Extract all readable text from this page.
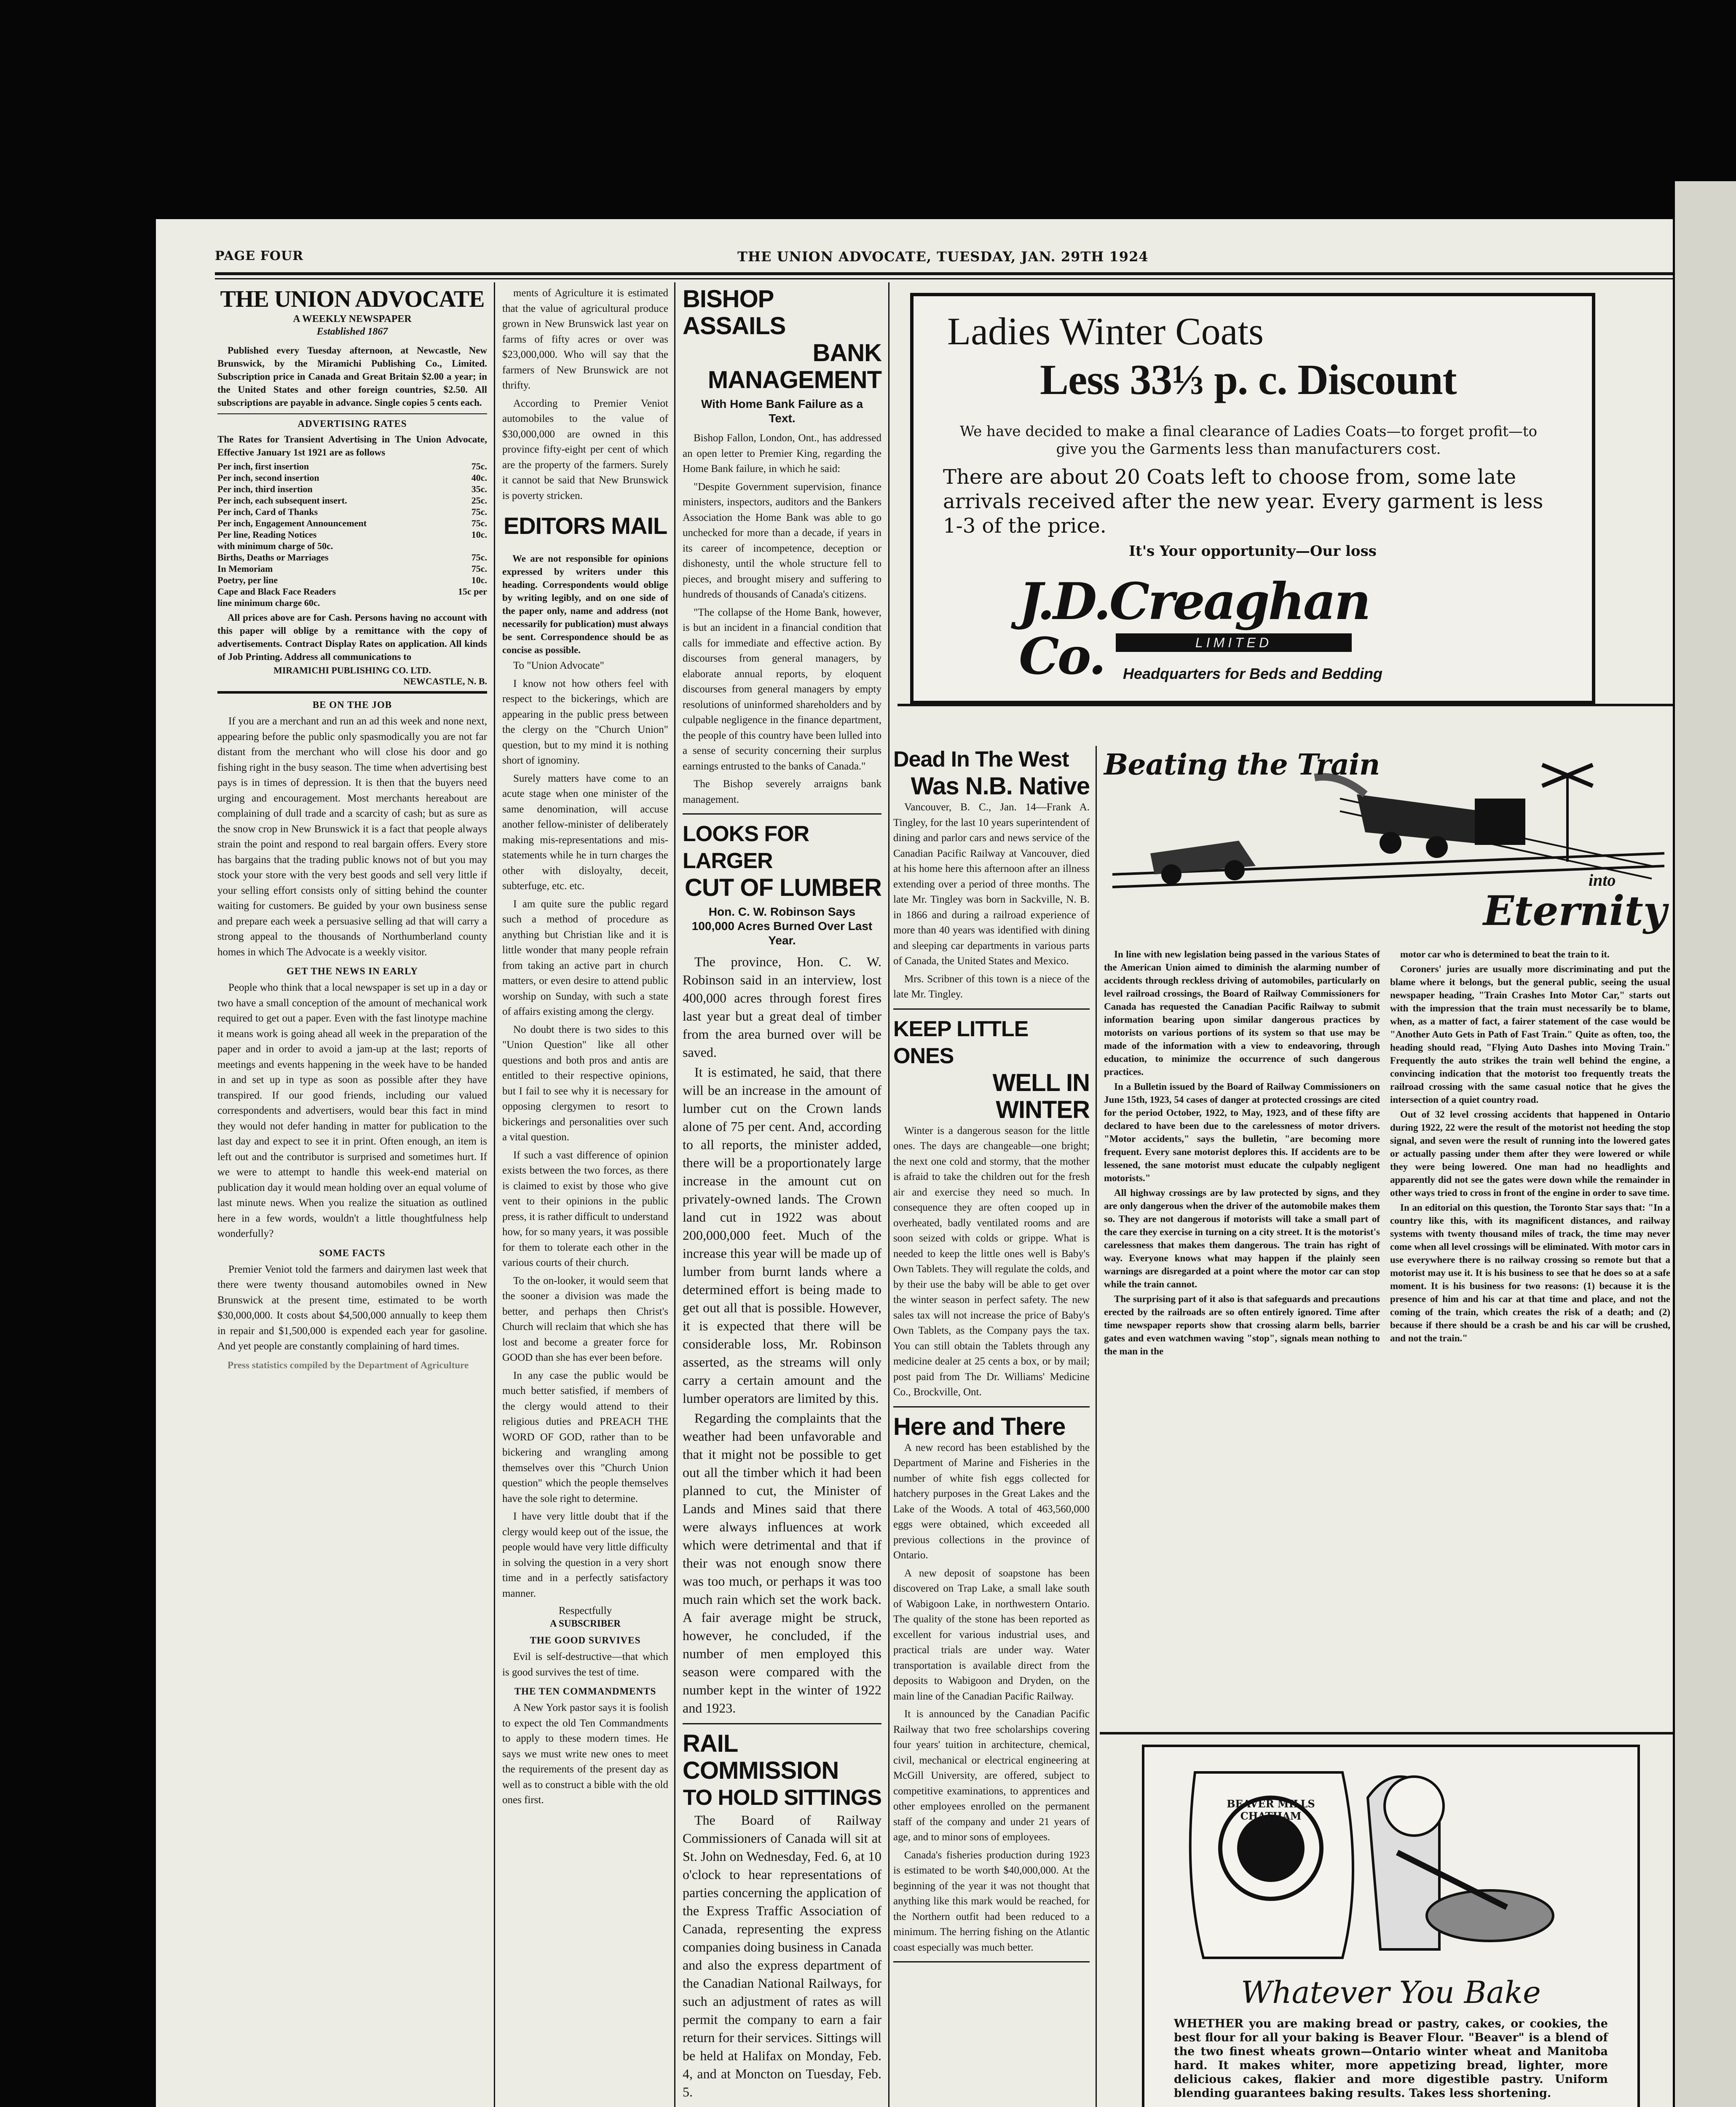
PAGE FOUR	THE UNION ADVOCATE, TUESDAY, JAN. 29TH 1924
THE UNION ADVOCATE
A WEEKLY NEWSPAPER
Established 1867

Published every Tuesday afternoon, at Newcastle, New Brunswick, by the Miramichi Publishing Co., Limited. Subscription price in Canada and Great Britain $2.00 a year; in the United States and other foreign countries, $2.50. All subscriptions are payable in advance. Single copies 5 cents each.

ADVERTISING RATES

The Rates for Transient Advertising in The Union Advocate, Effective January 1st 1921 are as follows

Per inch, first insertion	75c.
Per inch, second insertion	40c.
Per inch, third insertion	35c.
Per inch, each subsequent insert.	25c.
Per inch, Card of Thanks	75c.
Per inch, Engagement Announcement	75c.
Per line, Reading Notices	10c.
with minimum charge of 50c.
Births, Deaths or Marriages	75c.
In Memoriam	75c.
Poetry, per line	10c.
Cape and Black Face Readers	15c per
line minimum charge 60c.

All prices above are for Cash. Persons having no account with this paper will oblige by a remittance with the copy of advertisements. Contract Display Rates on application. All kinds of Job Printing. Address all communications to

MIRAMICHI PUBLISHING CO. LTD.
NEWCASTLE, N. B.
BE ON THE JOB

If you are a merchant and run an ad this week and none next, appearing before the public only spasmodically you are not far distant from the merchant who will close his door and go fishing right in the busy season. The time when advertising best pays is in times of depression. It is then that the buyers need urging and encouragement. Most merchants hereabout are complaining of dull trade and a scarcity of cash; but as sure as the snow crop in New Brunswick it is a fact that people always strain the point and respond to real bargain offers. Every store has bargains that the trading public knows not of but you may stock your store with the very best goods and sell very little if your selling effort consists only of sitting behind the counter waiting for customers. Be guided by your own business sense and prepare each week a persuasive selling ad that will carry a strong appeal to the thousands of Northumberland county homes in which The Advocate is a weekly visitor.

GET THE NEWS IN EARLY

People who think that a local newspaper is set up in a day or two have a small conception of the amount of mechanical work required to get out a paper. Even with the fast linotype machine it means work is going ahead all week in the preparation of the paper and in order to avoid a jam-up at the last; reports of meetings and events happening in the week have to be handed in and set up in type as soon as possible after they have transpired. If our good friends, including our valued correspondents and advertisers, would bear this fact in mind they would not defer handing in matter for publication to the last day and expect to see it in print. Often enough, an item is left out and the contributor is surprised and sometimes hurt. If we were to attempt to handle this week-end material on publication day it would mean holding over an equal volume of last minute news. When you realize the situation as outlined here in a few words, wouldn't a little thoughtfulness help wonderfully?

SOME FACTS

Premier Veniot told the farmers and dairymen last week that there were twenty thousand automobiles owned in New Brunswick at the present time, estimated to be worth $30,000,000. It costs about $4,500,000 annually to keep them in repair and $1,500,000 is expended each year for gasoline. And yet people are constantly complaining of hard times.

Press statistics compiled by the Department of Agriculture

ments of Agriculture it is estimated that the value of agricultural produce grown in New Brunswick last year on farms of fifty acres or over was $23,000,000. Who will say that the farmers of New Brunswick are not thrifty.

According to Premier Veniot automobiles to the value of $30,000,000 are owned in this province fifty-eight per cent of which are the property of the farmers. Surely it cannot be said that New Brunswick is poverty stricken.

EDITORS MAIL

We are not responsible for opinions expressed by writers under this heading. Correspondents would oblige by writing legibly, and on one side of the paper only, name and address (not necessarily for publication) must always be sent. Correspondence should be as concise as possible.

To "Union Advocate"

I know not how others feel with respect to the bickerings, which are appearing in the public press between the clergy on the "Church Union" question, but to my mind it is nothing short of ignominy.

Surely matters have come to an acute stage when one minister of the same denomination, will accuse another fellow-minister of deliberately making mis-representations and mis-statements while he in turn charges the other with disloyalty, deceit, subterfuge, etc. etc.

I am quite sure the public regard such a method of procedure as anything but Christian like and it is little wonder that many people refrain from taking an active part in church matters, or even desire to attend public worship on Sunday, with such a state of affairs existing among the clergy.

No doubt there is two sides to this "Union Question" like all other questions and both pros and antis are entitled to their respective opinions, but I fail to see why it is necessary for opposing clergymen to resort to bickerings and personalities over such a vital question.

If such a vast difference of opinion exists between the two forces, as there is claimed to exist by those who give vent to their opinions in the public press, it is rather difficult to understand how, for so many years, it was possible for them to tolerate each other in the various courts of their church.

To the on-looker, it would seem that the sooner a division was made the better, and perhaps then Christ's Church will reclaim that which she has lost and become a greater force for GOOD than she has ever been before.

In any case the public would be much better satisfied, if members of the clergy would attend to their religious duties and PREACH THE WORD OF GOD, rather than to be bickering and wrangling among themselves over this "Church Union question" which the people themselves have the sole right to determine.

I have very little doubt that if the clergy would keep out of the issue, the people would have very little difficulty in solving the question in a very short time and in a perfectly satisfactory manner.

Respectfully
A SUBSCRIBER
THE GOOD SURVIVES

Evil is self-destructive—that which is good survives the test of time.

THE TEN COMMANDMENTS

A New York pastor says it is foolish to expect the old Ten Commandments to apply to these modern times. He says we must write new ones to meet the requirements of the present day as well as to construct a bible with the old ones first.

BISHOP ASSAILS
BANK MANAGEMENT
With Home Bank Failure as a Text.

Bishop Fallon, London, Ont., has addressed an open letter to Premier King, regarding the Home Bank failure, in which he said:

"Despite Government supervision, finance ministers, inspectors, auditors and the Bankers Association the Home Bank was able to go unchecked for more than a decade, if years in its career of incompetence, deception or dishonesty, until the whole structure fell to pieces, and brought misery and suffering to hundreds of thousands of Canada's citizens.

"The collapse of the Home Bank, however, is but an incident in a financial condition that calls for immediate and effective action. By discourses from general managers, by elaborate annual reports, by eloquent discourses from general managers by empty resolutions of uninformed shareholders and by culpable negligence in the finance department, the people of this country have been lulled into a sense of security concerning their surplus earnings entrusted to the banks of Canada."

The Bishop severely arraigns bank management.

LOOKS FOR LARGER
CUT OF LUMBER
Hon. C. W. Robinson Says 100,000 Acres Burned Over Last Year.

The province, Hon. C. W. Robinson said in an interview, lost 400,000 acres through forest fires last year but a great deal of timber from the area burned over will be saved.

It is estimated, he said, that there will be an increase in the amount of lumber cut on the Crown lands alone of 75 per cent. And, according to all reports, the minister added, there will be a proportionately large increase in the amount cut on privately-owned lands. The Crown land cut in 1922 was about 200,000,000 feet. Much of the increase this year will be made up of lumber from burnt lands where a determined effort is being made to get out all that is possible. However, it is expected that there will be considerable loss, Mr. Robinson asserted, as the streams will only carry a certain amount and the lumber operators are limited by this.

Regarding the complaints that the weather had been unfavorable and that it might not be possible to get out all the timber which it had been planned to cut, the Minister of Lands and Mines said that there were always influences at work which were detrimental and that if their was not enough snow there was too much, or perhaps it was too much rain which set the work back. A fair average might be struck, however, he concluded, if the number of men employed this season were compared with the number kept in the winter of 1922 and 1923.

RAIL COMMISSION
TO HOLD SITTINGS

The Board of Railway Commissioners of Canada will sit at St. John on Wednesday, Fed. 6, at 10 o'clock to hear representations of parties concerning the application of the Express Traffic Association of Canada, representing the express companies doing business in Canada and also the express department of the Canadian National Railways, for such an adjustment of rates as will permit the company to earn a fair return for their services. Sittings will be held at Halifax on Monday, Feb. 4, and at Moncton on Tuesday, Feb. 5.

Ladies Winter Coats
Less 33⅓ p. c. Discount
We have decided to make a final clearance of Ladies Coats—to forget profit—to give you the Garments less than manufacturers cost.
There are about 20 Coats left to choose from, some late arrivals received after the new year. Every garment is less 1-3 of the price.
It's Your opportunity—Our loss
J.D.Creaghan Co.	LIMITED
Headquarters for Beds and Bedding
Dead In The West
Was N.B. Native

Vancouver, B. C., Jan. 14—Frank A. Tingley, for the last 10 years superintendent of dining and parlor cars and news service of the Canadian Pacific Railway at Vancouver, died at his home here this afternoon after an illness extending over a period of three months. The late Mr. Tingley was born in Sackville, N. B. in 1866 and during a railroad experience of more than 40 years was identified with dining and sleeping car departments in various parts of Canada, the United States and Mexico.

Mrs. Scribner of this town is a niece of the late Mr. Tingley.

KEEP LITTLE ONES
WELL IN WINTER

Winter is a dangerous season for the little ones. The days are changeable—one bright; the next one cold and stormy, that the mother is afraid to take the children out for the fresh air and exercise they need so much. In consequence they are often cooped up in overheated, badly ventilated rooms and are soon seized with colds or grippe. What is needed to keep the little ones well is Baby's Own Tablets. They will regulate the colds, and by their use the baby will be able to get over the winter season in perfect safety. The new sales tax will not increase the price of Baby's Own Tablets, as the Company pays the tax. You can still obtain the Tablets through any medicine dealer at 25 cents a box, or by mail; post paid from The Dr. Williams' Medicine Co., Brockville, Ont.

Here and There

A new record has been established by the Department of Marine and Fisheries in the number of white fish eggs collected for hatchery purposes in the Great Lakes and the Lake of the Woods. A total of 463,560,000 eggs were obtained, which exceeded all previous collections in the province of Ontario.

A new deposit of soapstone has been discovered on Trap Lake, a small lake south of Wabigoon Lake, in northwestern Ontario. The quality of the stone has been reported as excellent for various industrial uses, and practical trials are under way. Water transportation is available direct from the deposits to Wabigoon and Dryden, on the main line of the Canadian Pacific Railway.

It is announced by the Canadian Pacific Railway that two free scholarships covering four years' tuition in architecture, chemical, civil, mechanical or electrical engineering at McGill University, are offered, subject to competitive examinations, to apprentices and other employees enrolled on the permanent staff of the company and under 21 years of age, and to minor sons of employees.

Canada's fisheries production during 1923 is estimated to be worth $40,000,000. At the beginning of the year it was not thought that anything like this mark would be reached, for the Northern outfit had been reduced to a minimum. The herring fishing on the Atlantic coast especially was much better.

Beating the Train
into
Eternity

In line with new legislation being passed in the various States of the American Union aimed to diminish the alarming number of accidents through reckless driving of automobiles, particularly on level railroad crossings, the Board of Railway Commissioners for Canada has requested the Canadian Pacific Railway to submit information bearing upon similar dangerous practices by motorists on various portions of its system so that use may be made of the information with a view to endeavoring, through education, to minimize the occurrence of such dangerous practices.

In a Bulletin issued by the Board of Railway Commissioners on June 15th, 1923, 54 cases of danger at protected crossings are cited for the period October, 1922, to May, 1923, and of these fifty are declared to have been due to the carelessness of motor drivers. "Motor accidents," says the bulletin, "are becoming more frequent. Every sane motorist deplores this. If accidents are to be lessened, the sane motorist must educate the culpably negligent motorists."

All highway crossings are by law protected by signs, and they are only dangerous when the driver of the automobile makes them so. They are not dangerous if motorists will take a small part of the care they exercise in turning on a city street. It is the motorist's carelessness that makes them dangerous. The train has right of way. Everyone knows what may happen if the plainly seen warnings are disregarded at a point where the motor car can stop while the train cannot.

The surprising part of it also is that safeguards and precautions erected by the railroads are so often entirely ignored. Time after time newspaper reports show that crossing alarm bells, barrier gates and even watchmen waving "stop", signals mean nothing to the man in the

motor car who is determined to beat the train to it.

Coroners' juries are usually more discriminating and put the blame where it belongs, but the general public, seeing the usual newspaper heading, "Train Crashes Into Motor Car," starts out with the impression that the train must necessarily be to blame, when, as a matter of fact, a fairer statement of the case would be "Another Auto Gets in Path of Fast Train." Quite as often, too, the heading should read, "Flying Auto Dashes into Moving Train." Frequently the auto strikes the train well behind the engine, a convincing indication that the motorist too frequently treats the railroad crossing with the same casual notice that he gives the intersection of a quiet country road.

Out of 32 level crossing accidents that happened in Ontario during 1922, 22 were the result of the motorist not heeding the stop signal, and seven were the result of running into the lowered gates or actually passing under them after they were lowered or while they were being lowered. One man had no headlights and apparently did not see the gates were down while the remainder in other ways tried to cross in front of the engine in order to save time.

In an editorial on this question, the Toronto Star says that: "In a country like this, with its magnificent distances, and railway systems with twenty thousand miles of track, the time may never come when all level crossings will be eliminated. With motor cars in use everywhere there is no railway crossing so remote but that a motorist may use it. It is his business to see that he does so at a safe moment. It is his business for two reasons: (1) because it is the presence of him and his car at that time and place, and not the coming of the train, which creates the risk of a death; and (2) because if there should be a crash be and his car will be crushed, and not the train."

BEAVER MILLS CHATHAM
Whatever You Bake
WHETHER you are making bread or pastry, cakes, or cookies, the best flour for all your baking is Beaver Flour. "Beaver" is a blend of the two finest wheats grown—Ontario winter wheat and Manitoba hard. It makes whiter, more appetizing bread, lighter, more delicious cakes, flakier and more digestible pastry. Uniform blending guarantees baking results. Takes less shortening.
